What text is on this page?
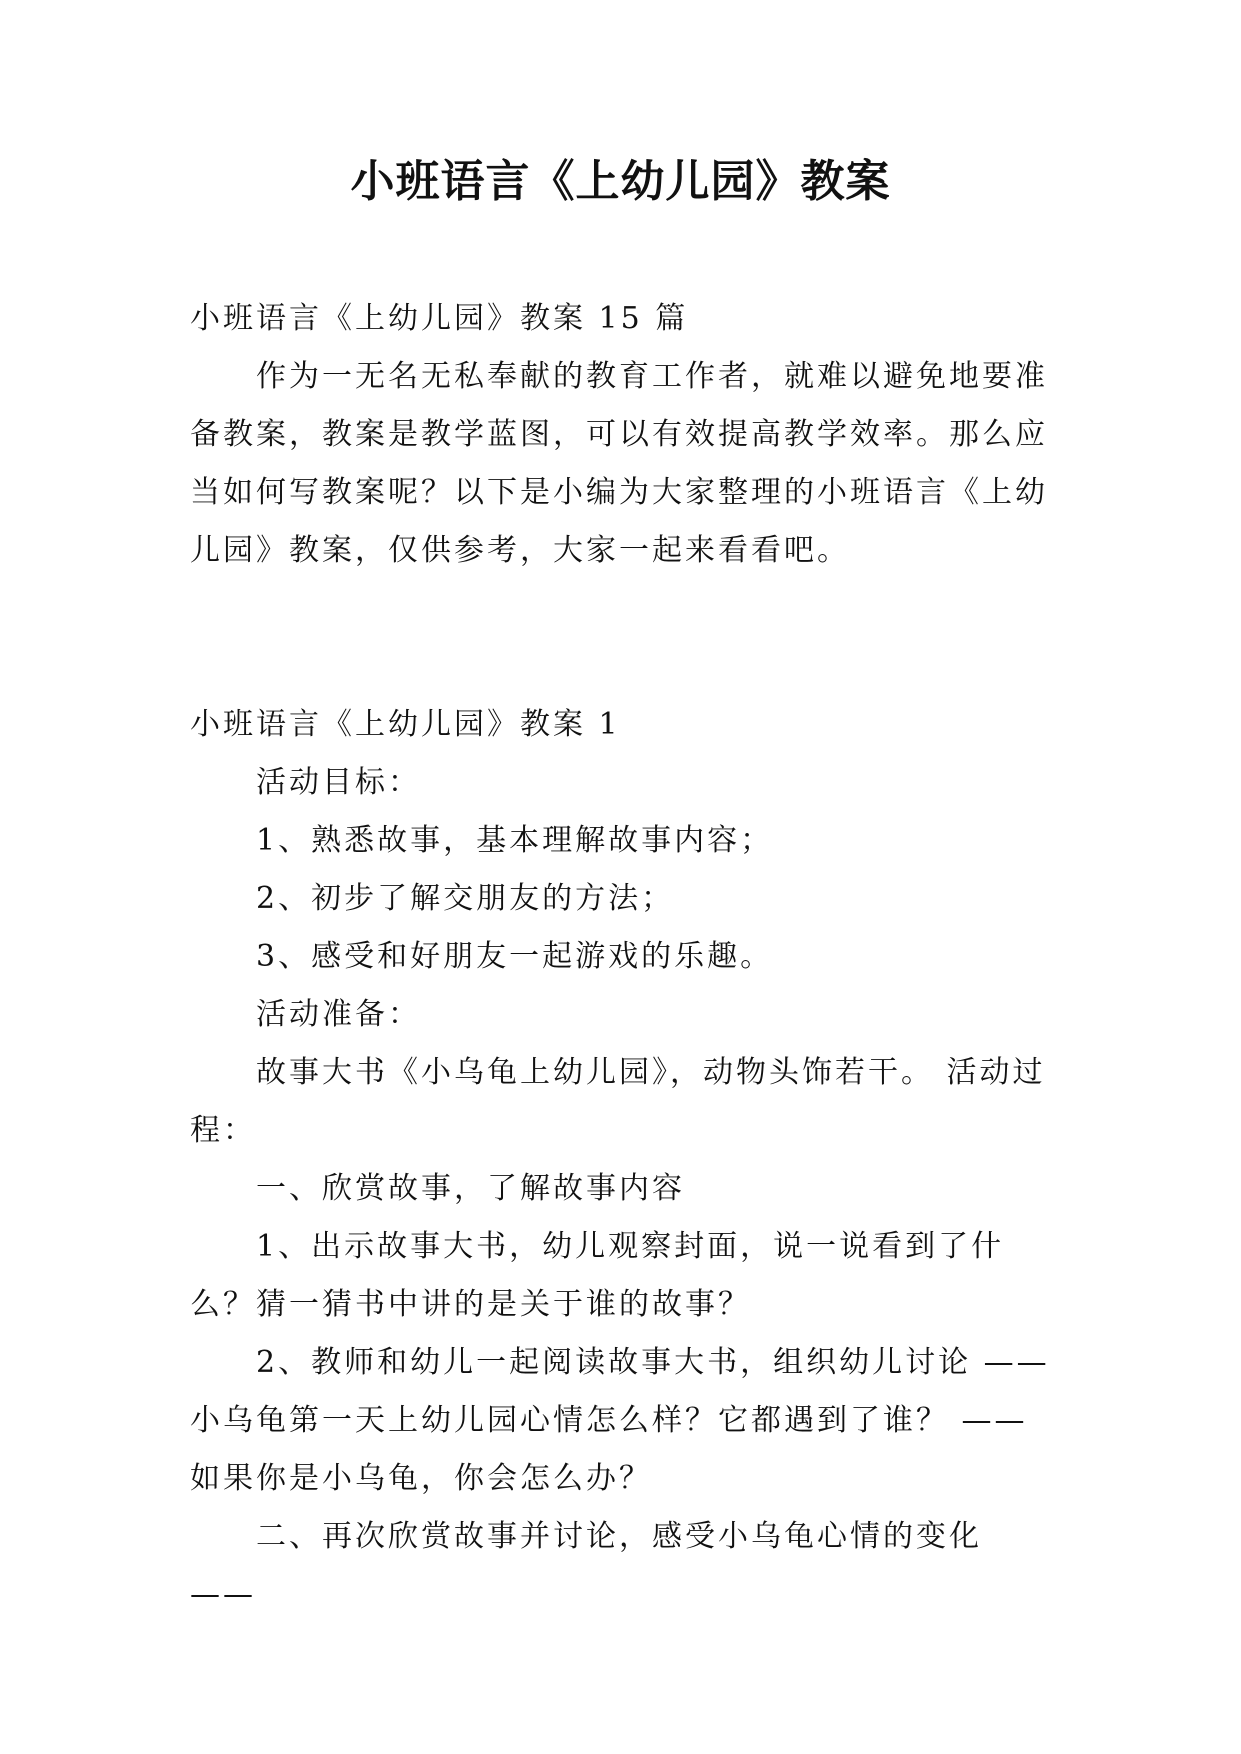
小班语言《上幼儿园》教案

小班语言《上幼儿园》教案 15 篇

作为一无名无私奉献的教育工作者，就难以避免地要准备教案，教案是教学蓝图，可以有效提高教学效率。那么应当如何写教案呢？以下是小编为大家整理的小班语言《上幼儿园》教案，仅供参考，大家一起来看看吧。

小班语言《上幼儿园》教案 1

活动目标：

1、熟悉故事，基本理解故事内容；

2、初步了解交朋友的方法；

3、感受和好朋友一起游戏的乐趣。

活动准备：

故事大书《小乌龟上幼儿园》，动物头饰若干。 活动过程：

一、欣赏故事，了解故事内容

1、出示故事大书，幼儿观察封面，说一说看到了什么？猜一猜书中讲的是关于谁的故事？

2、教师和幼儿一起阅读故事大书，组织幼儿讨论 ——小乌龟第一天上幼儿园心情怎么样？它都遇到了谁？ ——如果你是小乌龟，你会怎么办？

二、再次欣赏故事并讨论，感受小乌龟心情的变化 ——
